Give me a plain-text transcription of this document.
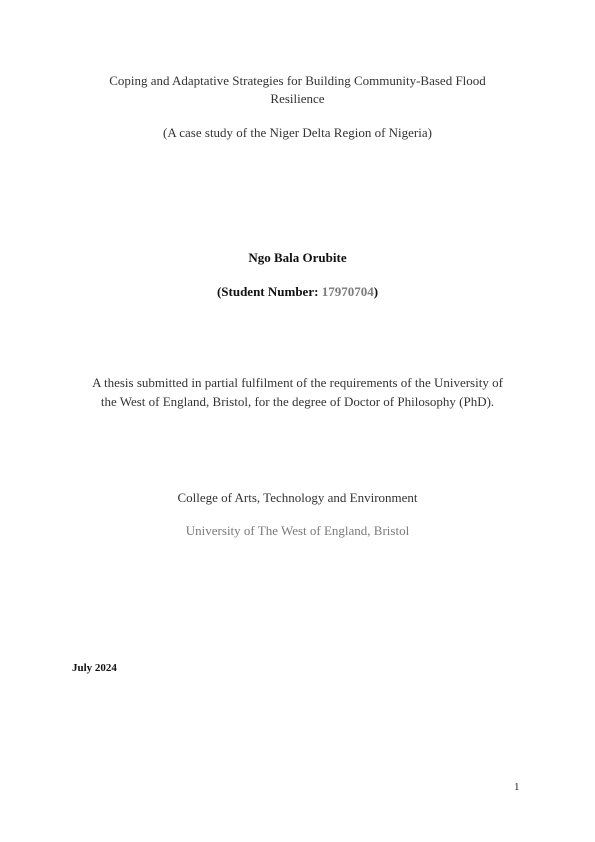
Coping and Adaptative Strategies for Building Community-Based Flood
Resilience
(A case study of the Niger Delta Region of Nigeria)
Ngo Bala Orubite
(Student Number: 17970704)
A thesis submitted in partial fulfilment of the requirements of the University of
the West of England, Bristol, for the degree of Doctor of Philosophy (PhD).
College of Arts, Technology and Environment
University of The West of England, Bristol
July 2024
1
